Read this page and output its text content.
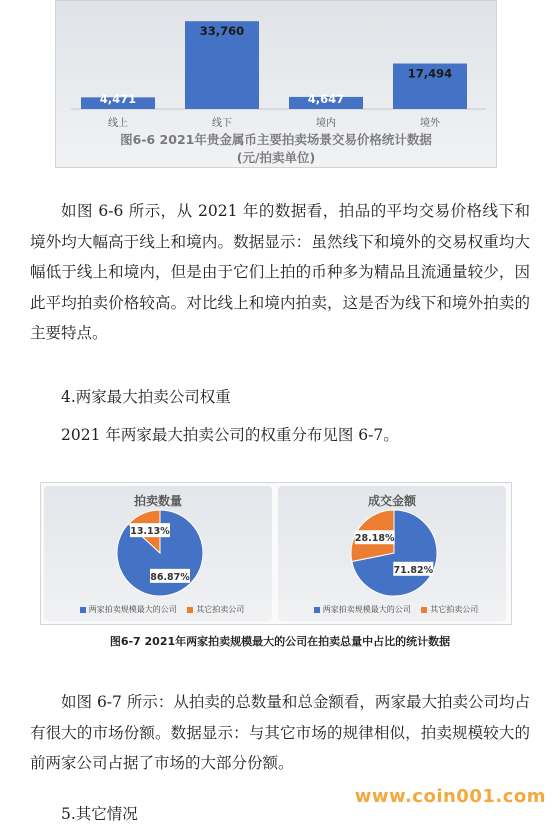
4,471
线上
33,760
线下
4,647
境内
17,494
境外
图6-6 2021年贵金属币主要拍卖场景交易价格统计数据
(元/拍卖单位)

如图 6-6 所示，从 2021 年的数据看，拍品的平均交易价格线下和境外均大幅高于线上和境内。数据显示：虽然线下和境外的交易权重均大幅低于线上和境内，但是由于它们上拍的币种多为精品且流通量较少，因此平均拍卖价格较高。对比线上和境内拍卖，这是否为线下和境外拍卖的主要特点。

4.两家最大拍卖公司权重

2021 年两家最大拍卖公司的权重分布见图 6-7。

拍卖数量
86.87%
13.13%
两家拍卖规模最大的公司 其它拍卖公司
成交金额
71.82%
28.18%
两家拍卖规模最大的公司 其它拍卖公司
图6-7 2021年两家拍卖规模最大的公司在拍卖总量中占比的统计数据

如图 6-7 所示：从拍卖的总数量和总金额看，两家最大拍卖公司均占有很大的市场份额。数据显示：与其它市场的规律相似，拍卖规模较大的前两家公司占据了市场的大部分份额。

5.其它情况

www.coin001.com
